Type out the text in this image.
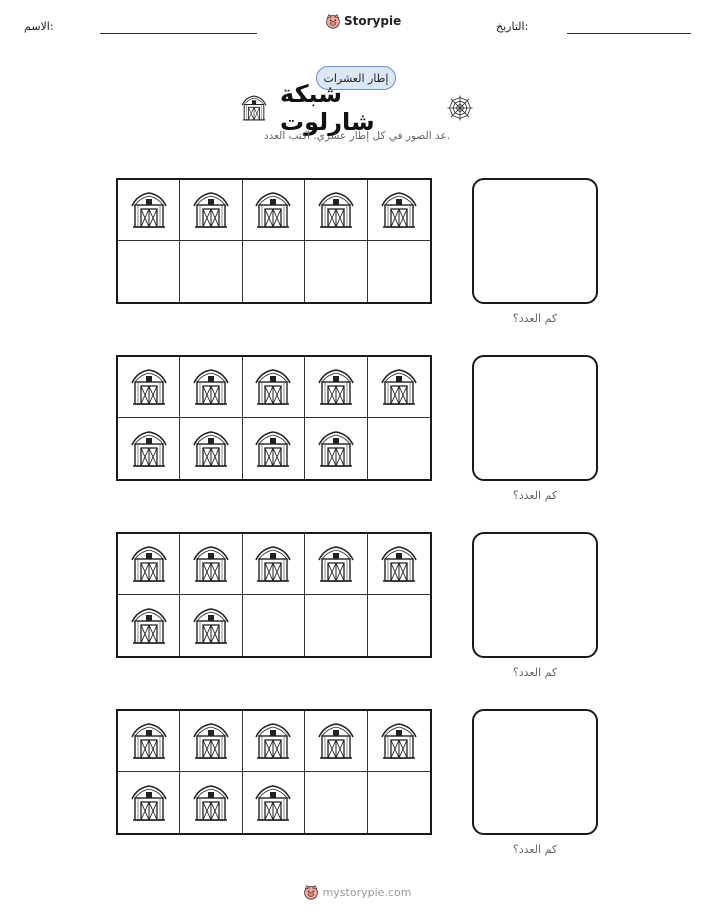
الاسم:	Storypie	التاريخ:
إطار العشرات
شبكة شارلوت
عد الصور في كل إطار عشري. اكتب العدد.
كم العدد؟
كم العدد؟
كم العدد؟
كم العدد؟
mystorypie.com
